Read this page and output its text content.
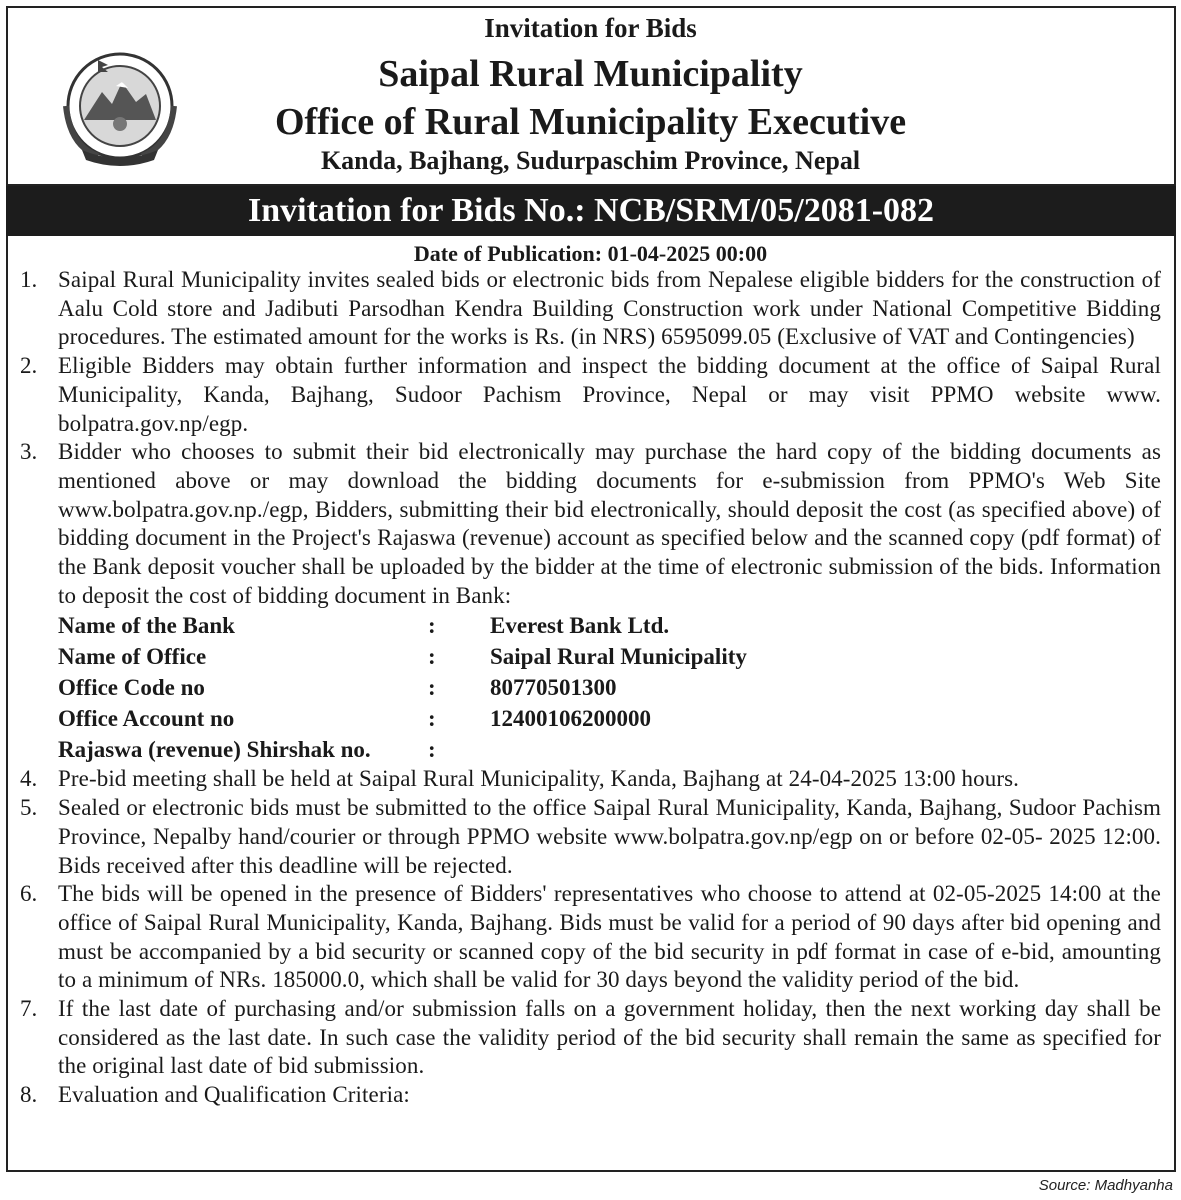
Invitation for Bids
Saipal Rural Municipality
Office of Rural Municipality Executive
Kanda, Bajhang, Sudurpaschim Province, Nepal
Invitation for Bids No.: NCB/SRM/05/2081-082
Date of Publication: 01-04-2025 00:00
1. Saipal Rural Municipality invites sealed bids or electronic bids from Nepalese eligible bidders for the construction of Aalu Cold store and Jadibuti Parsodhan Kendra Building Construction work under National Competitive Bidding procedures. The estimated amount for the works is Rs. (in NRS) 6595099.05 (Exclusive of VAT and Contingencies)
2. Eligible Bidders may obtain further information and inspect the bidding document at the office of Saipal Rural Municipality, Kanda, Bajhang, Sudoor Pachism Province, Nepal or may visit PPMO website www. bolpatra.gov.np/egp.
3. Bidder who chooses to submit their bid electronically may purchase the hard copy of the bidding documents as mentioned above or may download the bidding documents for e-submission from PPMO's Web Site www.bolpatra.gov.np./egp, Bidders, submitting their bid electronically, should deposit the cost (as specified above) of bidding document in the Project's Rajaswa (revenue) account as specified below and the scanned copy (pdf format) of the Bank deposit voucher shall be uploaded by the bidder at the time of electronic submission of the bids. Information to deposit the cost of bidding document in Bank:
Name of the Bank	: Everest Bank Ltd.
Name of Office	: Saipal Rural Municipality
Office Code no	: 80770501300
Office Account no	: 12400106200000
Rajaswa (revenue) Shirshak no. :
4. Pre-bid meeting shall be held at Saipal Rural Municipality, Kanda, Bajhang at 24-04-2025 13:00 hours.
5. Sealed or electronic bids must be submitted to the office Saipal Rural Municipality, Kanda, Bajhang, Sudoor Pachism Province, Nepalby hand/courier or through PPMO website www.bolpatra.gov.np/egp on or before 02-05- 2025 12:00. Bids received after this deadline will be rejected.
6. The bids will be opened in the presence of Bidders' representatives who choose to attend at 02-05-2025 14:00 at the office of Saipal Rural Municipality, Kanda, Bajhang. Bids must be valid for a period of 90 days after bid opening and must be accompanied by a bid security or scanned copy of the bid security in pdf format in case of e-bid, amounting to a minimum of NRs. 185000.0, which shall be valid for 30 days beyond the validity period of the bid.
7. If the last date of purchasing and/or submission falls on a government holiday, then the next working day shall be considered as the last date. In such case the validity period of the bid security shall remain the same as specified for the original last date of bid submission.
8. Evaluation and Qualification Criteria:
Source: Madhyanha
